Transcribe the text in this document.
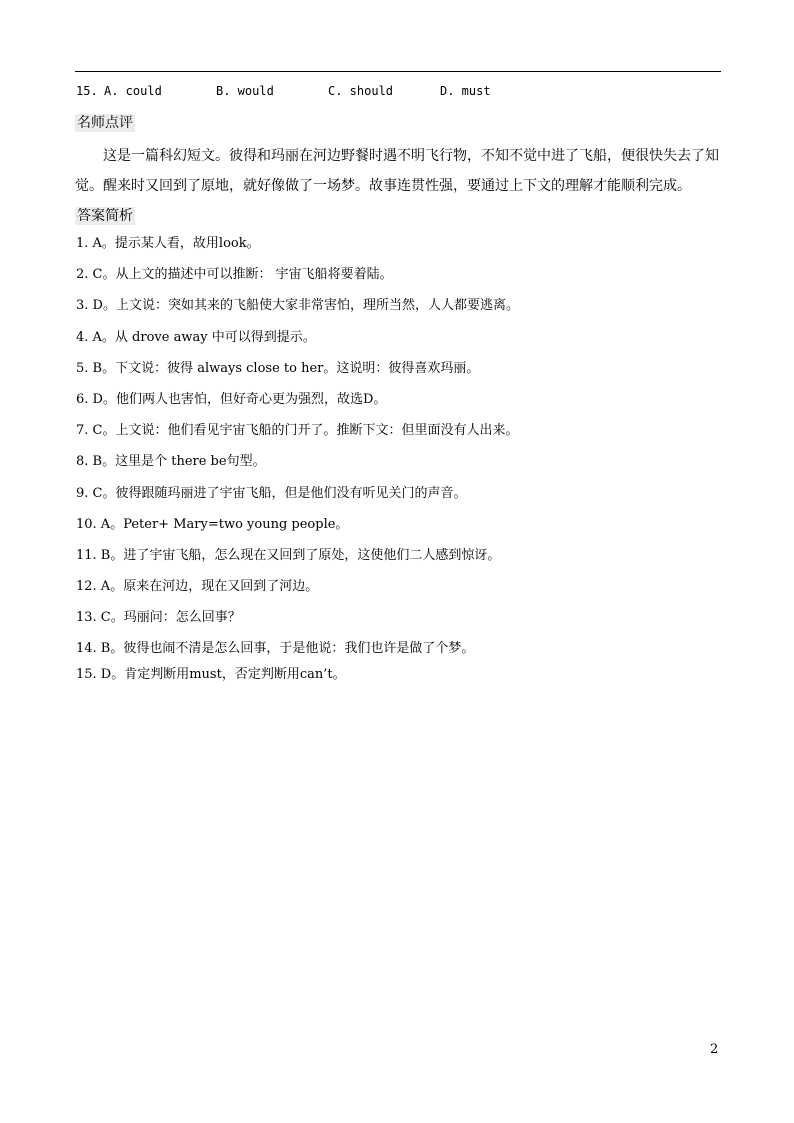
15. A. could	B. would	C. should	D. must
名师点评

这是一篇科幻短文。彼得和玛丽在河边野餐时遇不明飞行物，不知不觉中进了飞船，便很快失去了知觉。醒来时又回到了原地，就好像做了一场梦。故事连贯性强，要通过上下文的理解才能顺利完成。

答案简析
1. A。提示某人看，故用look。
2. C。从上文的描述中可以推断： 宇宙飞船将要着陆。
3. D。上文说：突如其来的飞船使大家非常害怕，理所当然，人人都要逃离。
4. A。从 drove away 中可以得到提示。
5. B。下文说：彼得 always close to her。这说明：彼得喜欢玛丽。
6. D。他们两人也害怕，但好奇心更为强烈，故选D。
7. C。上文说：他们看见宇宙飞船的门开了。推断下文：但里面没有人出来。
8. B。这里是个 there be句型。
9. C。彼得跟随玛丽进了宇宙飞船，但是他们没有听见关门的声音。
10. A。Peter+ Mary=two young people。
11. B。进了宇宙飞船，怎么现在又回到了原处，这使他们二人感到惊讶。
12. A。原来在河边，现在又回到了河边。
13. C。玛丽问：怎么回事？
14. B。彼得也闹不清是怎么回事，于是他说：我们也许是做了个梦。
15. D。肯定判断用must，否定判断用can’t。
2
